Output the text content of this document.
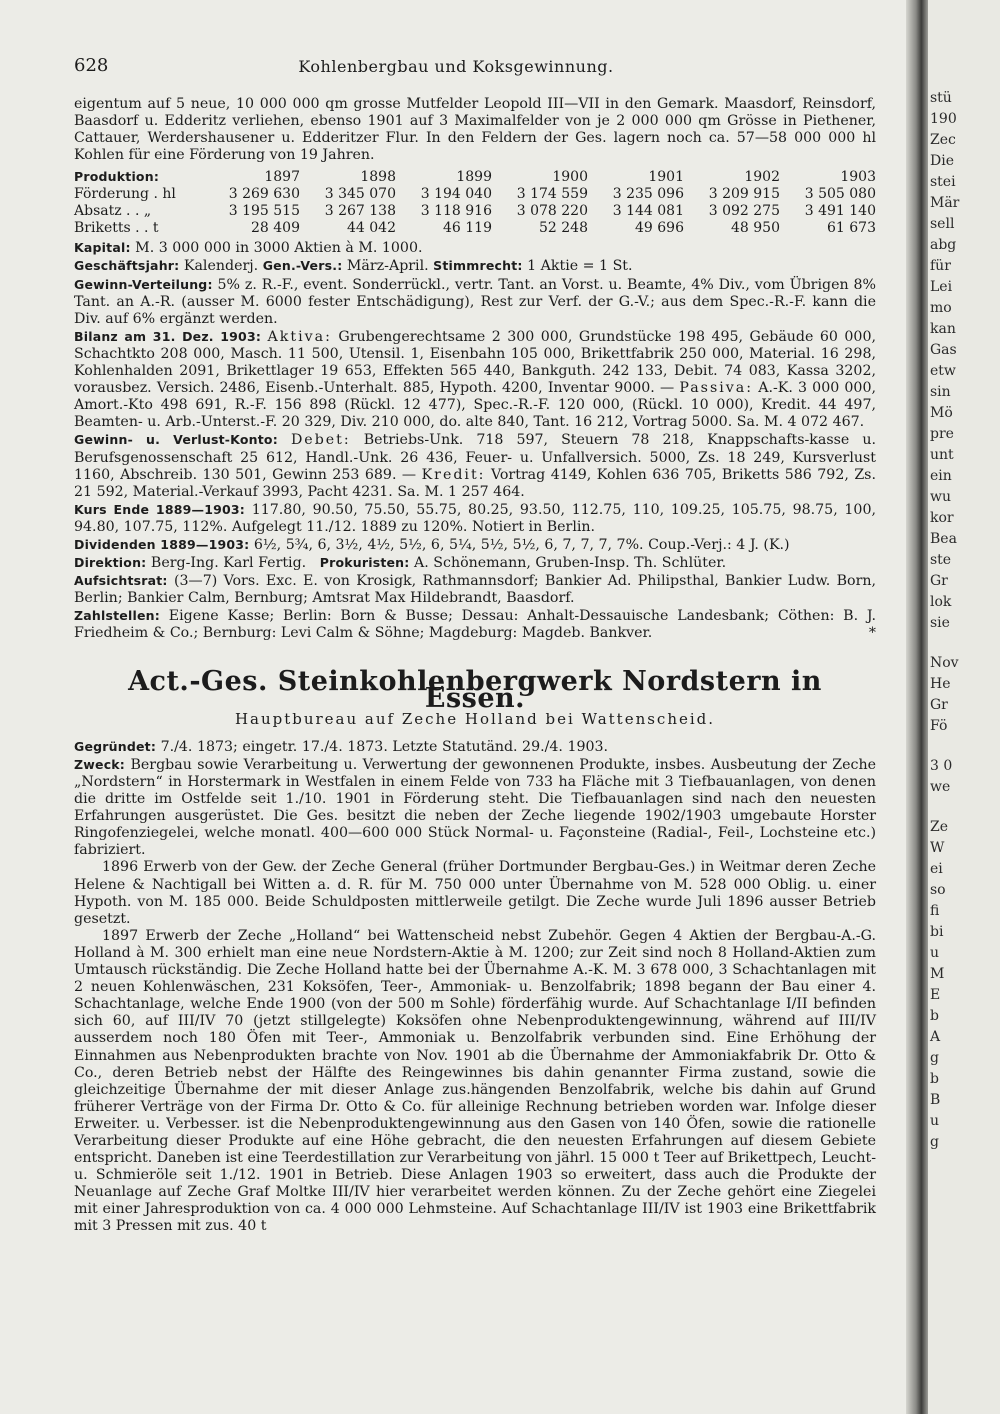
628	Kohlenbergbau und Koksgewinnung.

eigentum auf 5 neue, 10 000 000 qm grosse Mutfelder Leopold III—VII in den Gemark. Maasdorf, Reinsdorf, Baasdorf u. Edderitz verliehen, ebenso 1901 auf 3 Maximalfelder von je 2 000 000 qm Grösse in Piethener, Cattauer, Werdershausener u. Edderitzer Flur. In den Feldern der Ges. lagern noch ca. 57—58 000 000 hl Kohlen für eine Förderung von 19 Jahren.

Produktion:	1897	1898	1899	1900	1901	1902	1903
Förderung . hl	3 269 630	3 345 070	3 194 040	3 174 559	3 235 096	3 209 915	3 505 080
Absatz . . „	3 195 515	3 267 138	3 118 916	3 078 220	3 144 081	3 092 275	3 491 140
Briketts . . t	28 409	44 042	46 119	52 248	49 696	48 950	61 673

Kapital: M. 3 000 000 in 3000 Aktien à M. 1000.

Geschäftsjahr: Kalenderj. Gen.-Vers.: März-April. Stimmrecht: 1 Aktie = 1 St.

Gewinn-Verteilung: 5% z. R.-F., event. Sonderrückl., vertr. Tant. an Vorst. u. Beamte, 4% Div., vom Übrigen 8% Tant. an A.-R. (ausser M. 6000 fester Entschädigung), Rest zur Verf. der G.-V.; aus dem Spec.-R.-F. kann die Div. auf 6% ergänzt werden.

Bilanz am 31. Dez. 1903: Aktiva: Grubengerechtsame 2 300 000, Grundstücke 198 495, Gebäude 60 000, Schachtkto 208 000, Masch. 11 500, Utensil. 1, Eisenbahn 105 000, Brikettfabrik 250 000, Material. 16 298, Kohlenhalden 2091, Brikettlager 19 653, Effekten 565 440, Bankguth. 242 133, Debit. 74 083, Kassa 3202, vorausbez. Versich. 2486, Eisenb.-Unterhalt. 885, Hypoth. 4200, Inventar 9000. — Passiva: A.-K. 3 000 000, Amort.-Kto 498 691, R.-F. 156 898 (Rückl. 12 477), Spec.-R.-F. 120 000, (Rückl. 10 000), Kredit. 44 497, Beamten- u. Arb.-Unterst.-F. 20 329, Div. 210 000, do. alte 840, Tant. 16 212, Vortrag 5000. Sa. M. 4 072 467.

Gewinn- u. Verlust-Konto: Debet: Betriebs-Unk. 718 597, Steuern 78 218, Knappschafts-kasse u. Berufsgenossenschaft 25 612, Handl.-Unk. 26 436, Feuer- u. Unfallversich. 5000, Zs. 18 249, Kursverlust 1160, Abschreib. 130 501, Gewinn 253 689. — Kredit: Vortrag 4149, Kohlen 636 705, Briketts 586 792, Zs. 21 592, Material.-Verkauf 3993, Pacht 4231. Sa. M. 1 257 464.

Kurs Ende 1889—1903: 117.80, 90.50, 75.50, 55.75, 80.25, 93.50, 112.75, 110, 109.25, 105.75, 98.75, 100, 94.80, 107.75, 112%. Aufgelegt 11./12. 1889 zu 120%. Notiert in Berlin.

Dividenden 1889—1903: 6½, 5¾, 6, 3½, 4½, 5½, 6, 5¼, 5½, 5½, 6, 7, 7, 7, 7%. Coup.-Verj.: 4 J. (K.)

Direktion: Berg-Ing. Karl Fertig. Prokuristen: A. Schönemann, Gruben-Insp. Th. Schlüter.

Aufsichtsrat: (3—7) Vors. Exc. E. von Krosigk, Rathmannsdorf; Bankier Ad. Philipsthal, Bankier Ludw. Born, Berlin; Bankier Calm, Bernburg; Amtsrat Max Hildebrandt, Baasdorf.

Zahlstellen: Eigene Kasse; Berlin: Born & Busse; Dessau: Anhalt-Dessauische Landesbank; Cöthen: B. J. Friedheim & Co.; Bernburg: Levi Calm & Söhne; Magdeburg: Magdeb. Bankver.	*

Act.-Ges. Steinkohlenbergwerk Nordstern in Essen.
Hauptbureau auf Zeche Holland bei Wattenscheid.

Gegründet: 7./4. 1873; eingetr. 17./4. 1873. Letzte Statutänd. 29./4. 1903.

Zweck: Bergbau sowie Verarbeitung u. Verwertung der gewonnenen Produkte, insbes. Ausbeutung der Zeche „Nordstern“ in Horstermark in Westfalen in einem Felde von 733 ha Fläche mit 3 Tiefbauanlagen, von denen die dritte im Ostfelde seit 1./10. 1901 in Förderung steht. Die Tiefbauanlagen sind nach den neuesten Erfahrungen ausgerüstet. Die Ges. besitzt die neben der Zeche liegende 1902/1903 umgebaute Horster Ringofenziegelei, welche monatl. 400—600 000 Stück Normal- u. Façonsteine (Radial-, Feil-, Lochsteine etc.) fabriziert.

1896 Erwerb von der Gew. der Zeche General (früher Dortmunder Bergbau-Ges.) in Weitmar deren Zeche Helene & Nachtigall bei Witten a. d. R. für M. 750 000 unter Übernahme von M. 528 000 Oblig. u. einer Hypoth. von M. 185 000. Beide Schuldposten mittlerweile getilgt. Die Zeche wurde Juli 1896 ausser Betrieb gesetzt.

1897 Erwerb der Zeche „Holland“ bei Wattenscheid nebst Zubehör. Gegen 4 Aktien der Bergbau-A.-G. Holland à M. 300 erhielt man eine neue Nordstern-Aktie à M. 1200; zur Zeit sind noch 8 Holland-Aktien zum Umtausch rückständig. Die Zeche Holland hatte bei der Übernahme A.-K. M. 3 678 000, 3 Schachtanlagen mit 2 neuen Kohlenwäschen, 231 Koksöfen, Teer-, Ammoniak- u. Benzolfabrik; 1898 begann der Bau einer 4. Schachtanlage, welche Ende 1900 (von der 500 m Sohle) förderfähig wurde. Auf Schachtanlage I/II befinden sich 60, auf III/IV 70 (jetzt stillgelegte) Koksöfen ohne Nebenproduktengewinnung, während auf III/IV ausserdem noch 180 Öfen mit Teer-, Ammoniak u. Benzolfabrik verbunden sind. Eine Erhöhung der Einnahmen aus Nebenprodukten brachte von Nov. 1901 ab die Übernahme der Ammoniakfabrik Dr. Otto & Co., deren Betrieb nebst der Hälfte des Reingewinnes bis dahin genannter Firma zustand, sowie die gleichzeitige Übernahme der mit dieser Anlage zus.hängenden Benzolfabrik, welche bis dahin auf Grund früherer Verträge von der Firma Dr. Otto & Co. für alleinige Rechnung betrieben worden war. Infolge dieser Erweiter. u. Verbesser. ist die Nebenproduktengewinnung aus den Gasen von 140 Öfen, sowie die rationelle Verarbeitung dieser Produkte auf eine Höhe gebracht, die den neuesten Erfahrungen auf diesem Gebiete entspricht. Daneben ist eine Teerdestillation zur Verarbeitung von jährl. 15 000 t Teer auf Brikettpech, Leucht- u. Schmieröle seit 1./12. 1901 in Betrieb. Diese Anlagen 1903 so erweitert, dass auch die Produkte der Neuanlage auf Zeche Graf Moltke III/IV hier verarbeitet werden können. Zu der Zeche gehört eine Ziegelei mit einer Jahresproduktion von ca. 4 000 000 Lehmsteine. Auf Schachtanlage III/IV ist 1903 eine Brikettfabrik mit 3 Pressen mit zus. 40 t

stü
190
Zec
Die
stei
Mär
sell
abg
für
Lei
mo
kan
Gas
etw
sin
Mö
pre
unt
ein
wu
kor
Bea
ste
Gr
lok
sie
Nov
He
Gr
Fö
3 0
we
Ze
W
ei
so
fi
bi
u
M
E
b
A
g
b
B
u
g
